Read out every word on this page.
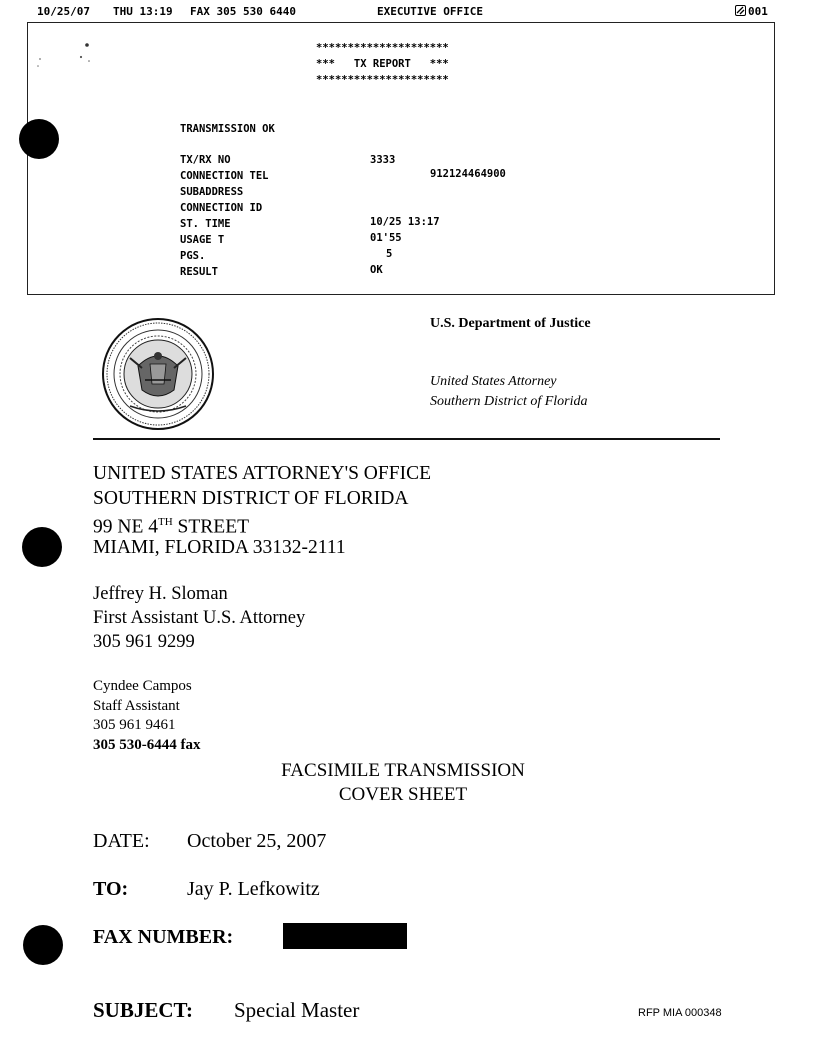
10/25/07 THU 13:19 FAX 305 530 6440	EXECUTIVE OFFICE	001
*********************
***   TX REPORT   ***
*********************
TRANSMISSION OK
TX/RX NO	3333
CONNECTION TEL	912124464900
SUBADDRESS
CONNECTION ID
ST. TIME	10/25 13:17
USAGE T	01'55
PGS.	5
RESULT	OK
U.S. Department of Justice
United States Attorney
Southern District of Florida
UNITED STATES ATTORNEY'S OFFICE
SOUTHERN DISTRICT OF FLORIDA
99 NE 4TH STREET
MIAMI, FLORIDA 33132-2111
Jeffrey H. Sloman
First Assistant U.S. Attorney
305 961 9299
Cyndee Campos
Staff Assistant
305 961 9461
305 530-6444 fax
FACSIMILE TRANSMISSION
COVER SHEET
DATE: October 25, 2007
TO:	Jay P. Lefkowitz
FAX NUMBER:
SUBJECT: Special Master	RFP MIA 000348
